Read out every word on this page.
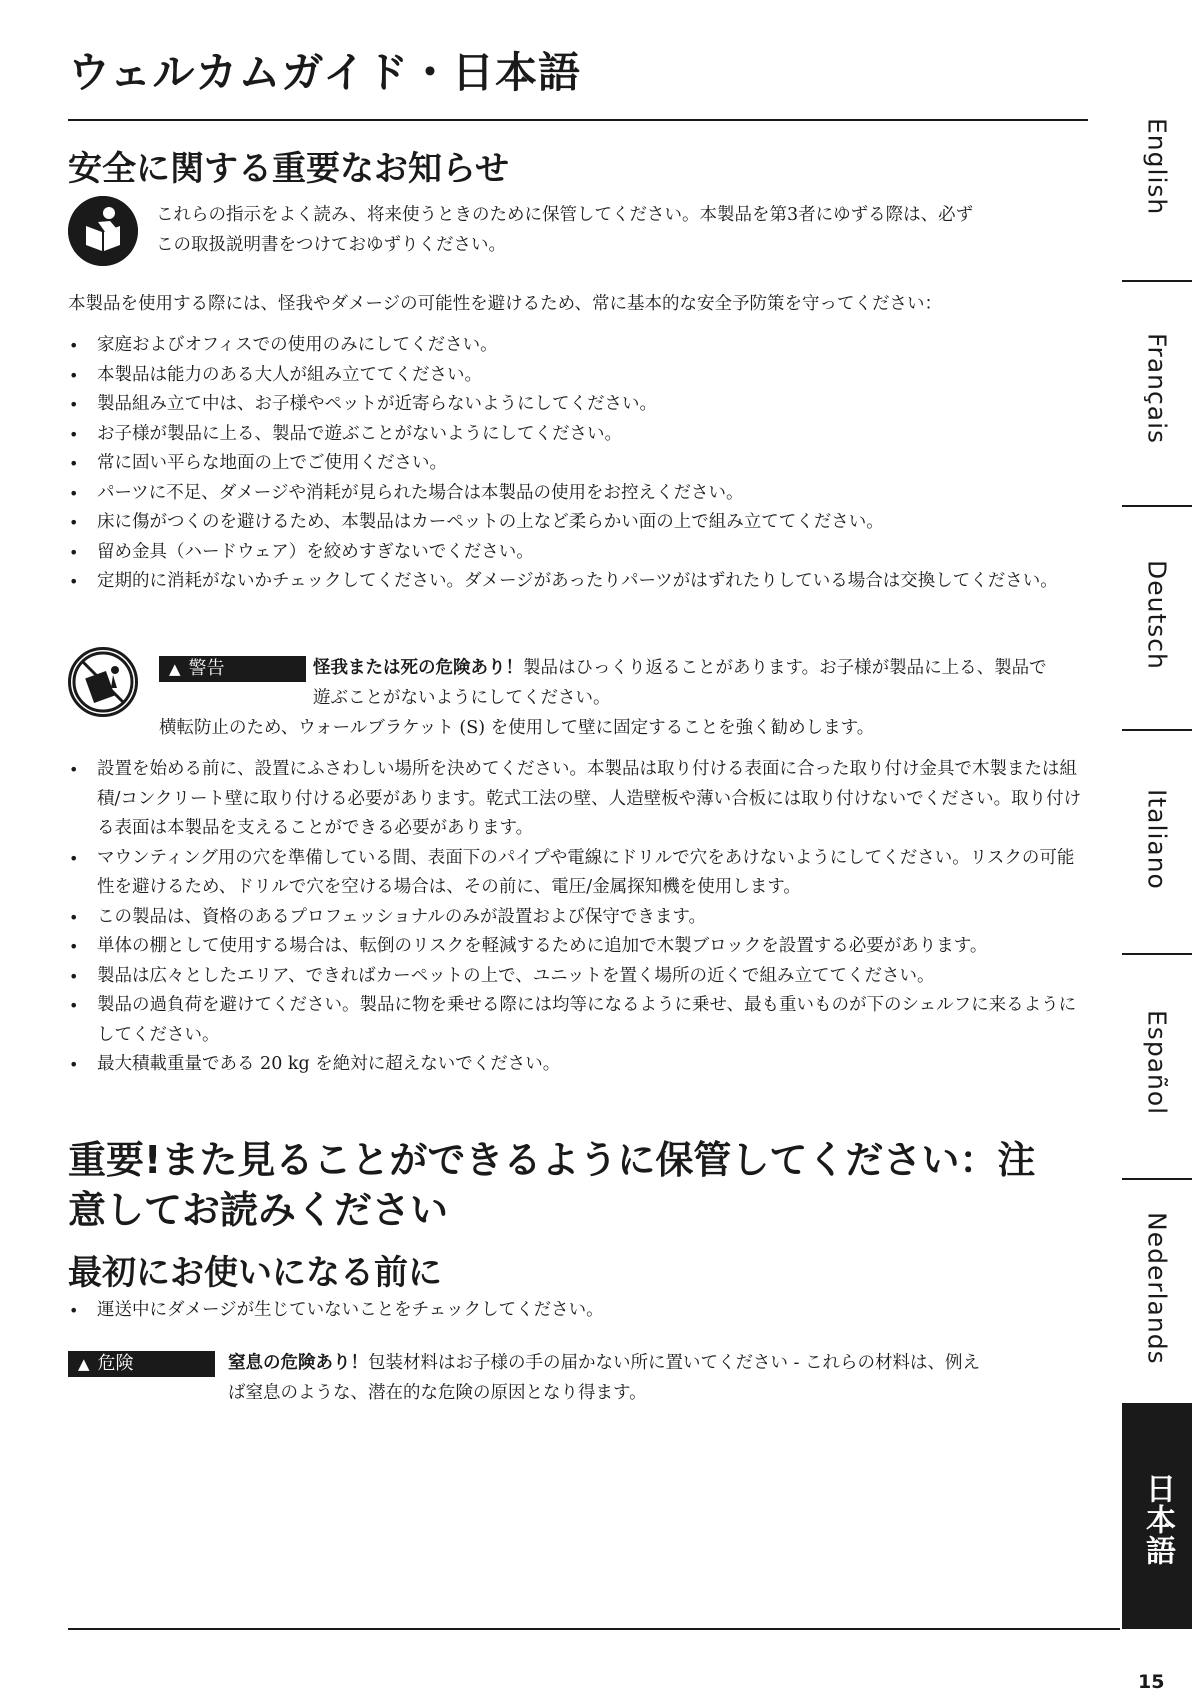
ウェルカムガイド・日本語
安全に関する重要なお知らせ

これらの指示をよく読み、将来使うときのために保管してください。本製品を第3者にゆずる際は、必ず
この取扱説明書をつけておゆずりください。

本製品を使用する際には、怪我やダメージの可能性を避けるため、常に基本的な安全予防策を守ってください：

• 家庭およびオフィスでの使用のみにしてください。
• 本製品は能力のある大人が組み立ててください。
• 製品組み立て中は、お子様やペットが近寄らないようにしてください。
• お子様が製品に上る、製品で遊ぶことがないようにしてください。
• 常に固い平らな地面の上でご使用ください。
• パーツに不足、ダメージや消耗が見られた場合は本製品の使用をお控えください。
• 床に傷がつくのを避けるため、本製品はカーペットの上など柔らかい面の上で組み立ててください。
• 留め金具（ハードウェア）を絞めすぎないでください。
• 定期的に消耗がないかチェックしてください。ダメージがあったりパーツがはずれたりしている場合は交換してください。
▲ 警告	怪我または死の危険あり！製品はひっくり返ることがあります。お子様が製品に上る、製品で遊ぶことがないようにしてください。

横転防止のため、ウォールブラケット (S) を使用して壁に固定することを強く勧めします。

• 設置を始める前に、設置にふさわしい場所を決めてください。本製品は取り付ける表面に合った取り付け金具で木製または組積/コンクリート壁に取り付ける必要があります。乾式工法の壁、人造壁板や薄い合板には取り付けないでください。取り付ける表面は本製品を支えることができる必要があります。
• マウンティング用の穴を準備している間、表面下のパイプや電線にドリルで穴をあけないようにしてください。リスクの可能性を避けるため、ドリルで穴を空ける場合は、その前に、電圧/金属探知機を使用します。
• この製品は、資格のあるプロフェッショナルのみが設置および保守できます。
• 単体の棚として使用する場合は、転倒のリスクを軽減するために追加で木製ブロックを設置する必要があります。
• 製品は広々としたエリア、できればカーペットの上で、ユニットを置く場所の近くで組み立ててください。
• 製品の過負荷を避けてください。製品に物を乗せる際には均等になるように乗せ、最も重いものが下のシェルフに来るようにしてください。
• 最大積載重量である 20 kg を絶対に超えないでください。
重要!また見ることができるように保管してください：注意してお読みください
最初にお使いになる前に
• 運送中にダメージが生じていないことをチェックしてください。
▲ 危険	窒息の危険あり！包装材料はお子様の手の届かない所に置いてください - これらの材料は、例え
ば窒息のような、潜在的な危険の原因となり得ます。

English
Français
Deutsch
Italiano
Español
Nederlands
日本語
15
